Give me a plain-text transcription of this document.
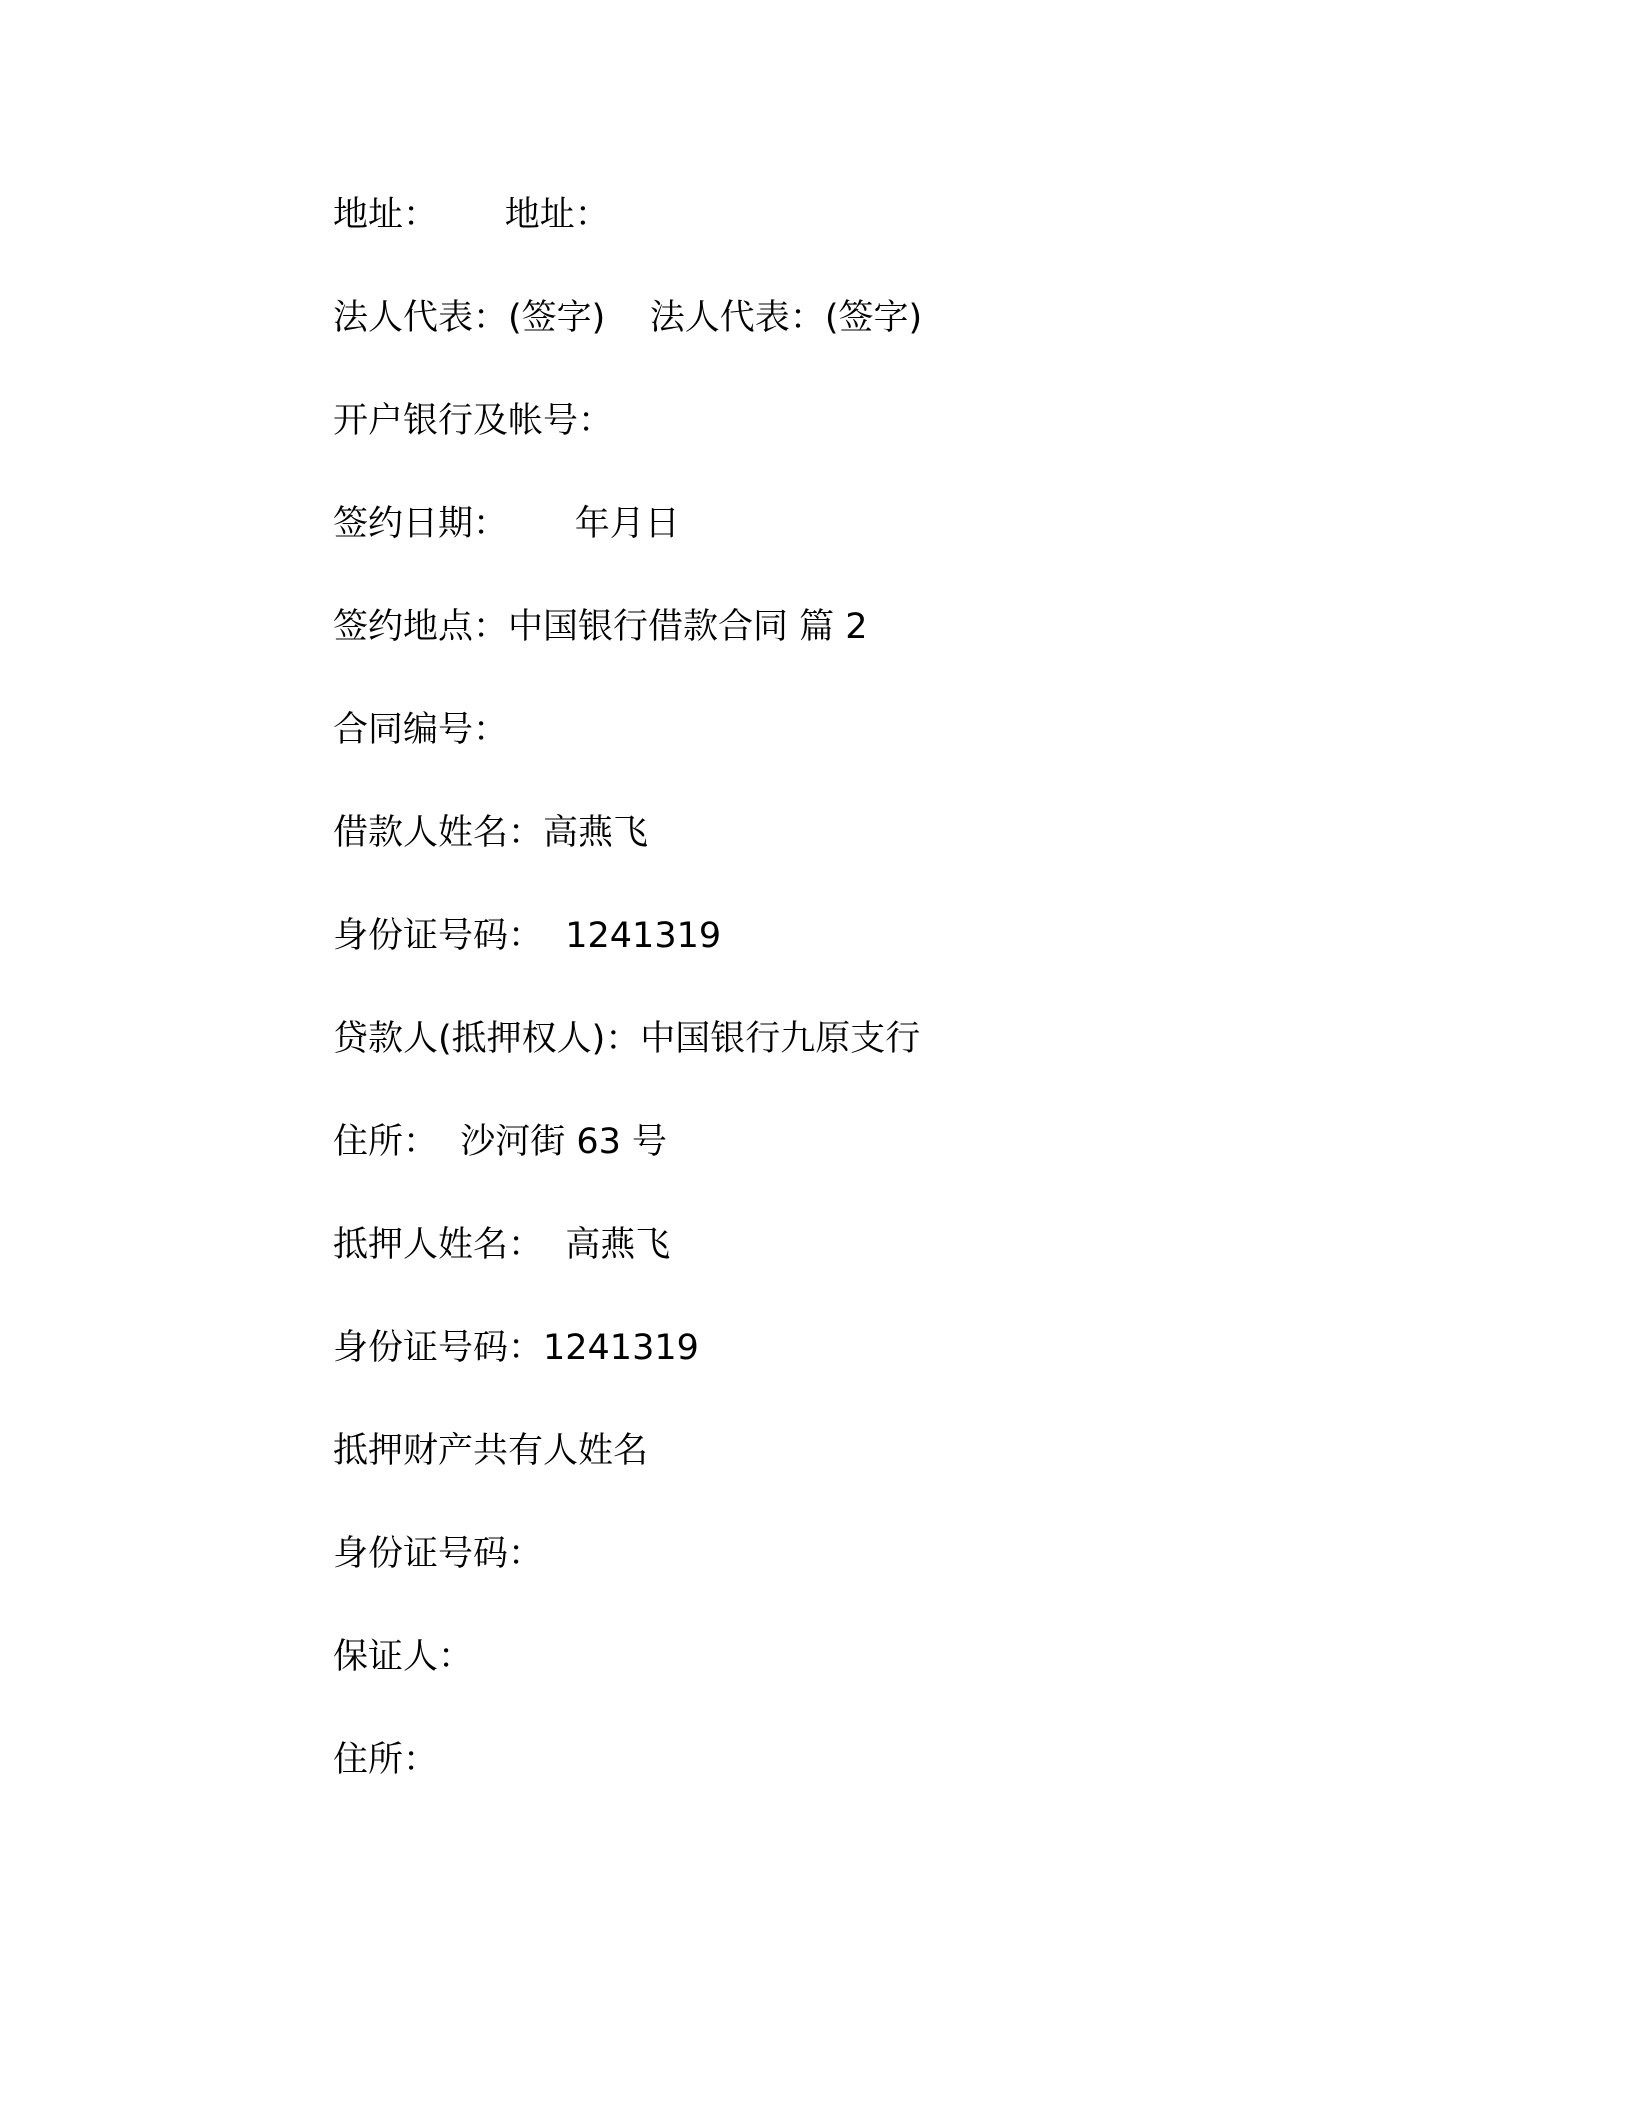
地址：      地址：
法人代表：(签字)    法人代表：(签字)
开户银行及帐号：
签约日期：      年月日
签约地点：中国银行借款合同 篇 2
合同编号：
借款人姓名：高燕飞
身份证号码：  1241319
贷款人(抵押权人)：中国银行九原支行
住所：  沙河街 63 号
抵押人姓名：  高燕飞
身份证号码：1241319
抵押财产共有人姓名
身份证号码：
保证人：
住所：
